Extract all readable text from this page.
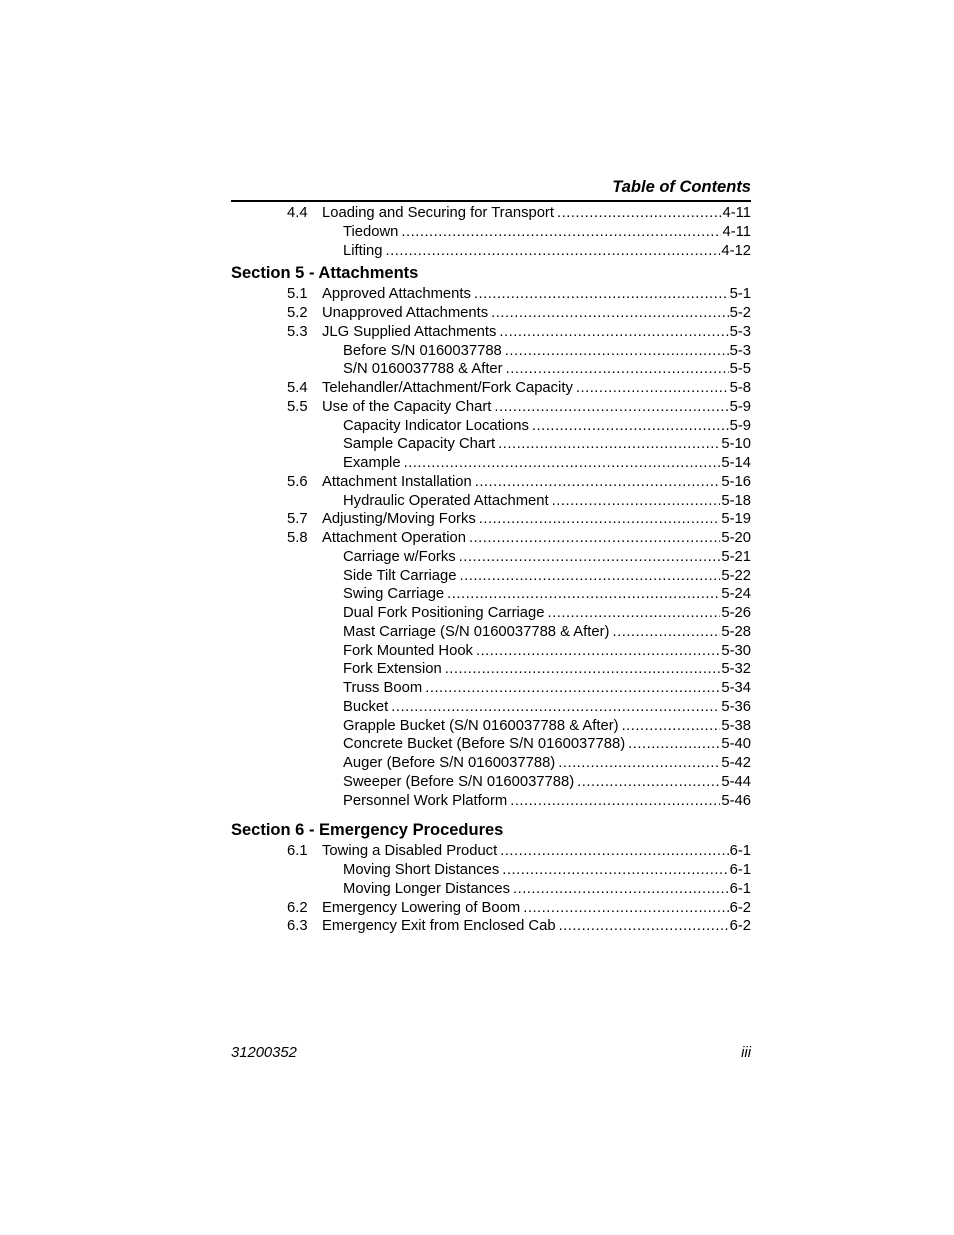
Table of Contents
4.4 Loading and Securing for Transport .....	4-11
Tiedown .....	4-11
Lifting .....	4-12
Section 5 - Attachments
5.1 Approved Attachments .....	5-1
5.2 Unapproved Attachments .....	5-2
5.3 JLG Supplied Attachments .....	5-3
Before S/N 0160037788 .....	5-3
S/N 0160037788 & After .....	5-5
5.4 Telehandler/Attachment/Fork Capacity .....	5-8
5.5 Use of the Capacity Chart .....	5-9
Capacity Indicator Locations .....	5-9
Sample Capacity Chart .....	5-10
Example .....	5-14
5.6 Attachment Installation .....	5-16
Hydraulic Operated Attachment .....	5-18
5.7 Adjusting/Moving Forks .....	5-19
5.8 Attachment Operation .....	5-20
Carriage w/Forks .....	5-21
Side Tilt Carriage .....	5-22
Swing Carriage .....	5-24
Dual Fork Positioning Carriage .....	5-26
Mast Carriage (S/N 0160037788 & After) .....	5-28
Fork Mounted Hook .....	5-30
Fork Extension .....	5-32
Truss Boom .....	5-34
Bucket .....	5-36
Grapple Bucket (S/N 0160037788 & After) .....	5-38
Concrete Bucket (Before S/N 0160037788) .....	5-40
Auger (Before S/N 0160037788) .....	5-42
Sweeper (Before S/N 0160037788) .....	5-44
Personnel Work Platform .....	5-46
Section 6 - Emergency Procedures
6.1 Towing a Disabled Product .....	6-1
Moving Short Distances .....	6-1
Moving Longer Distances .....	6-1
6.2 Emergency Lowering of Boom .....	6-2
6.3 Emergency Exit from Enclosed Cab .....	6-2
31200352	iii
